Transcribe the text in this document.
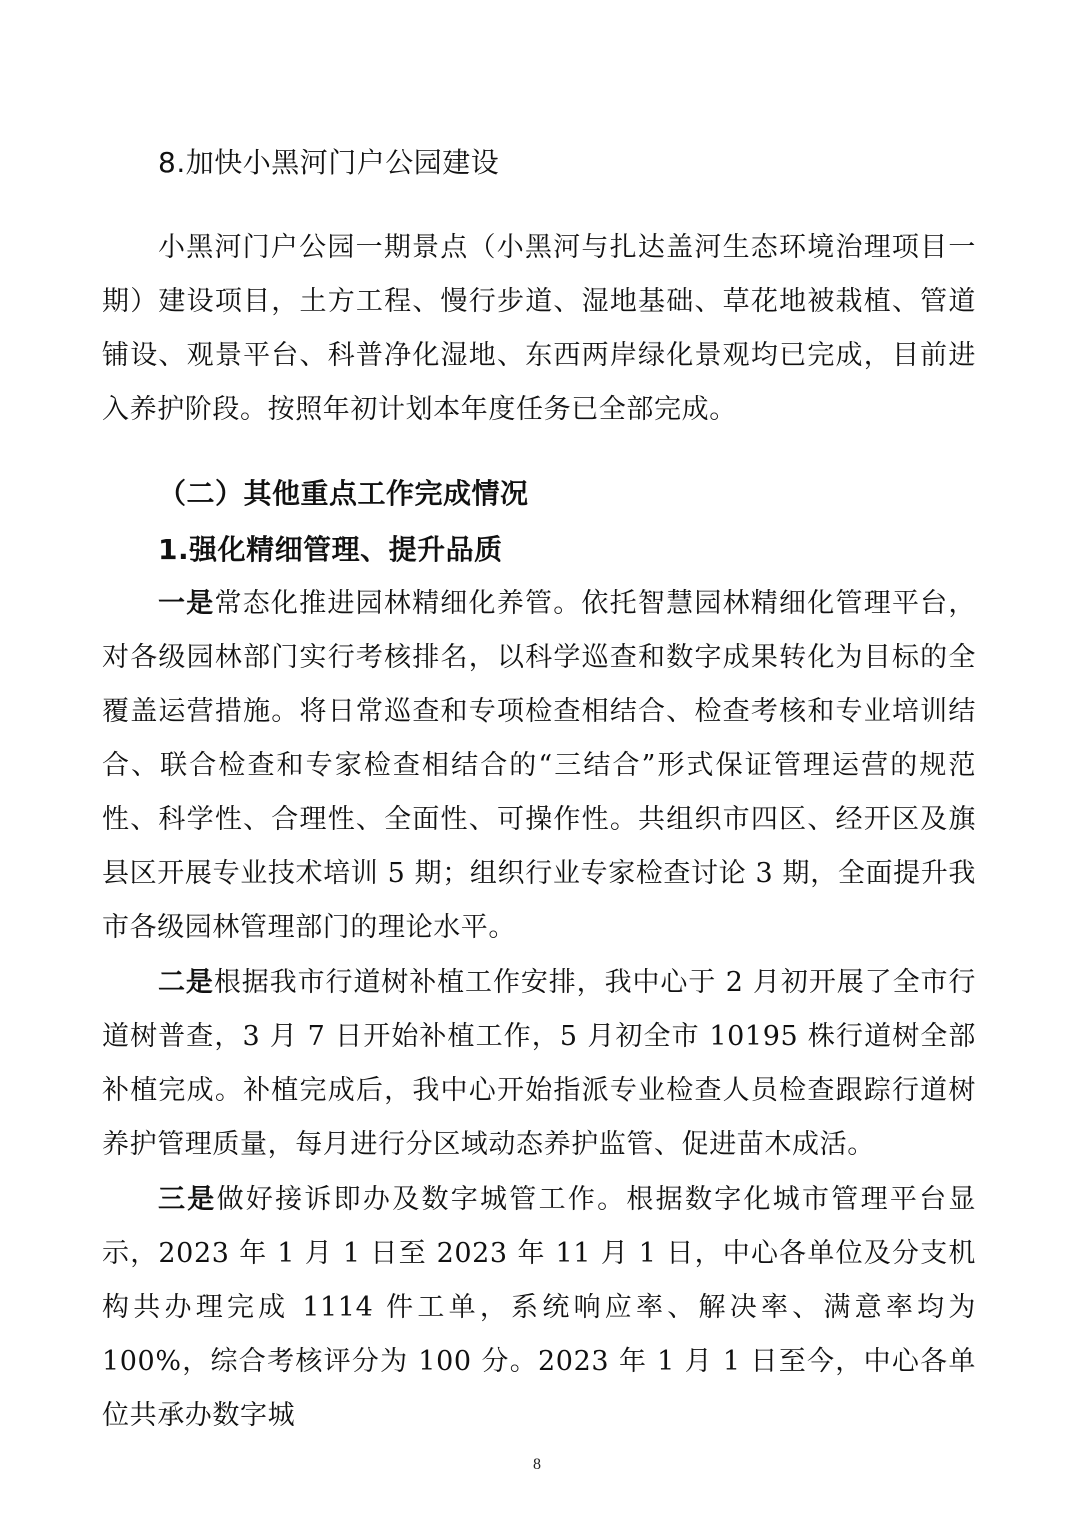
8.加快小黑河门户公园建设

小黑河门户公园一期景点（小黑河与扎达盖河生态环境治理项目一期）建设项目，土方工程、慢行步道、湿地基础、草花地被栽植、管道铺设、观景平台、科普净化湿地、东西两岸绿化景观均已完成，目前进入养护阶段。按照年初计划本年度任务已全部完成。

（二）其他重点工作完成情况
1.强化精细管理、提升品质

一是常态化推进园林精细化养管。依托智慧园林精细化管理平台，对各级园林部门实行考核排名，以科学巡查和数字成果转化为目标的全覆盖运营措施。将日常巡查和专项检查相结合、检查考核和专业培训结合、联合检查和专家检查相结合的“三结合”形式保证管理运营的规范性、科学性、合理性、全面性、可操作性。共组织市四区、经开区及旗县区开展专业技术培训 5 期；组织行业专家检查讨论 3 期，全面提升我市各级园林管理部门的理论水平。

二是根据我市行道树补植工作安排，我中心于 2 月初开展了全市行道树普查，3 月 7 日开始补植工作，5 月初全市 10195 株行道树全部补植完成。补植完成后，我中心开始指派专业检查人员检查跟踪行道树养护管理质量，每月进行分区域动态养护监管、促进苗木成活。

三是做好接诉即办及数字城管工作。根据数字化城市管理平台显示，2023 年 1 月 1 日至 2023 年 11 月 1 日，中心各单位及分支机构共办理完成 1114 件工单，系统响应率、解决率、满意率均为 100%，综合考核评分为 100 分。2023 年 1 月 1 日至今，中心各单位共承办数字城

8
